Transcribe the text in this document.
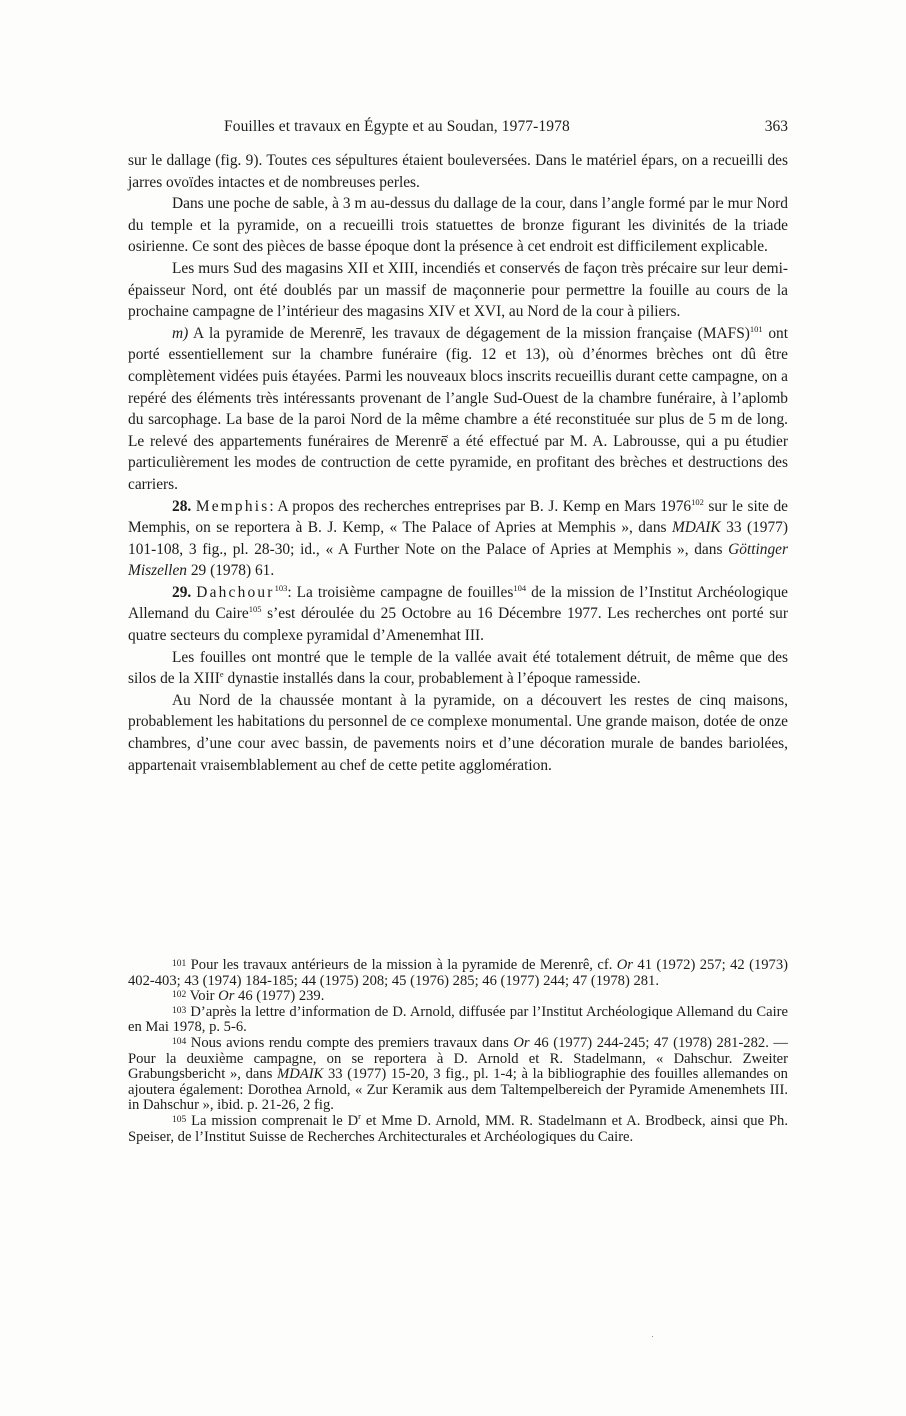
Fouilles et travaux en Égypte et au Soudan, 1977-1978	363

sur le dallage (fig. 9). Toutes ces sépultures étaient bouleversées. Dans le matériel épars, on a recueilli des jarres ovoïdes intactes et de nombreuses perles.

Dans une poche de sable, à 3 m au-dessus du dallage de la cour, dans l’angle formé par le mur Nord du temple et la pyramide, on a recueilli trois statuettes de bronze figurant les divinités de la triade osirienne. Ce sont des pièces de basse époque dont la présence à cet endroit est difficilement explicable.

Les murs Sud des magasins XII et XIII, incendiés et conservés de façon très précaire sur leur demi-épaisseur Nord, ont été doublés par un massif de maçonnerie pour permettre la fouille au cours de la prochaine campagne de l’intérieur des magasins XIV et XVI, au Nord de la cour à piliers.

m) A la pyramide de Merenrē͑, les travaux de dégagement de la mission française (MAFS)$^{101}$ ont porté essentiellement sur la chambre funéraire (fig. 12 et 13), où d’énormes brèches ont dû être complètement vidées puis étayées. Parmi les nouveaux blocs inscrits recueillis durant cette campagne, on a repéré des éléments très intéressants provenant de l’angle Sud-Ouest de la chambre funéraire, à l’aplomb du sarcophage. La base de la paroi Nord de la même chambre a été reconstituée sur plus de 5 m de long. Le relevé des appartements funéraires de Merenrē͑ a été effectué par M. A. Labrousse, qui a pu étudier particulièrement les modes de contruction de cette pyramide, en profitant des brèches et destructions des carriers.

28. Memphis: A propos des recherches entreprises par B. J. Kemp en Mars 1976$^{102}$ sur le site de Memphis, on se reportera à B. J. Kemp, « The Palace of Apries at Memphis », dans MDAIK 33 (1977) 101-108, 3 fig., pl. 28-30; id., « A Further Note on the Palace of Apries at Memphis », dans Göttinger Miszellen 29 (1978) 61.

29. Dahchour$^{103}$: La troisième campagne de fouilles$^{104}$ de la mission de l’Institut Archéologique Allemand du Caire$^{105}$ s’est déroulée du 25 Octobre au 16 Décembre 1977. Les recherches ont porté sur quatre secteurs du complexe pyramidal d’Amenemhat III.

Les fouilles ont montré que le temple de la vallée avait été totalement détruit, de même que des silos de la XIIIe dynastie installés dans la cour, probablement à l’époque ramesside.

Au Nord de la chaussée montant à la pyramide, on a découvert les restes de cinq maisons, probablement les habitations du personnel de ce complexe monumental. Une grande maison, dotée de onze chambres, d’une cour avec bassin, de pavements noirs et d’une décoration murale de bandes bariolées, appartenait vraisemblablement au chef de cette petite agglomération.

$^{101}$ Pour les travaux antérieurs de la mission à la pyramide de Merenrê, cf. Or 41 (1972) 257; 42 (1973) 402-403; 43 (1974) 184-185; 44 (1975) 208; 45 (1976) 285; 46 (1977) 244; 47 (1978) 281.

$^{102}$ Voir Or 46 (1977) 239.

$^{103}$ D’après la lettre d’information de D. Arnold, diffusée par l’Institut Archéologique Allemand du Caire en Mai 1978, p. 5-6.

$^{104}$ Nous avions rendu compte des premiers travaux dans Or 46 (1977) 244-245; 47 (1978) 281-282. — Pour la deuxième campagne, on se reportera à D. Arnold et R. Stadelmann, « Dahschur. Zweiter Grabungsbericht », dans MDAIK 33 (1977) 15-20, 3 fig., pl. 1-4; à la bibliographie des fouilles allemandes on ajoutera également: Dorothea Arnold, « Zur Keramik aus dem Taltempelbereich der Pyramide Amenemhets III. in Dahschur », ibid. p. 21-26, 2 fig.

$^{105}$ La mission comprenait le $D^r$ et Mme D. Arnold, MM. R. Stadelmann et A. Brodbeck, ainsi que Ph. Speiser, de l’Institut Suisse de Recherches Architecturales et Archéologiques du Caire.
